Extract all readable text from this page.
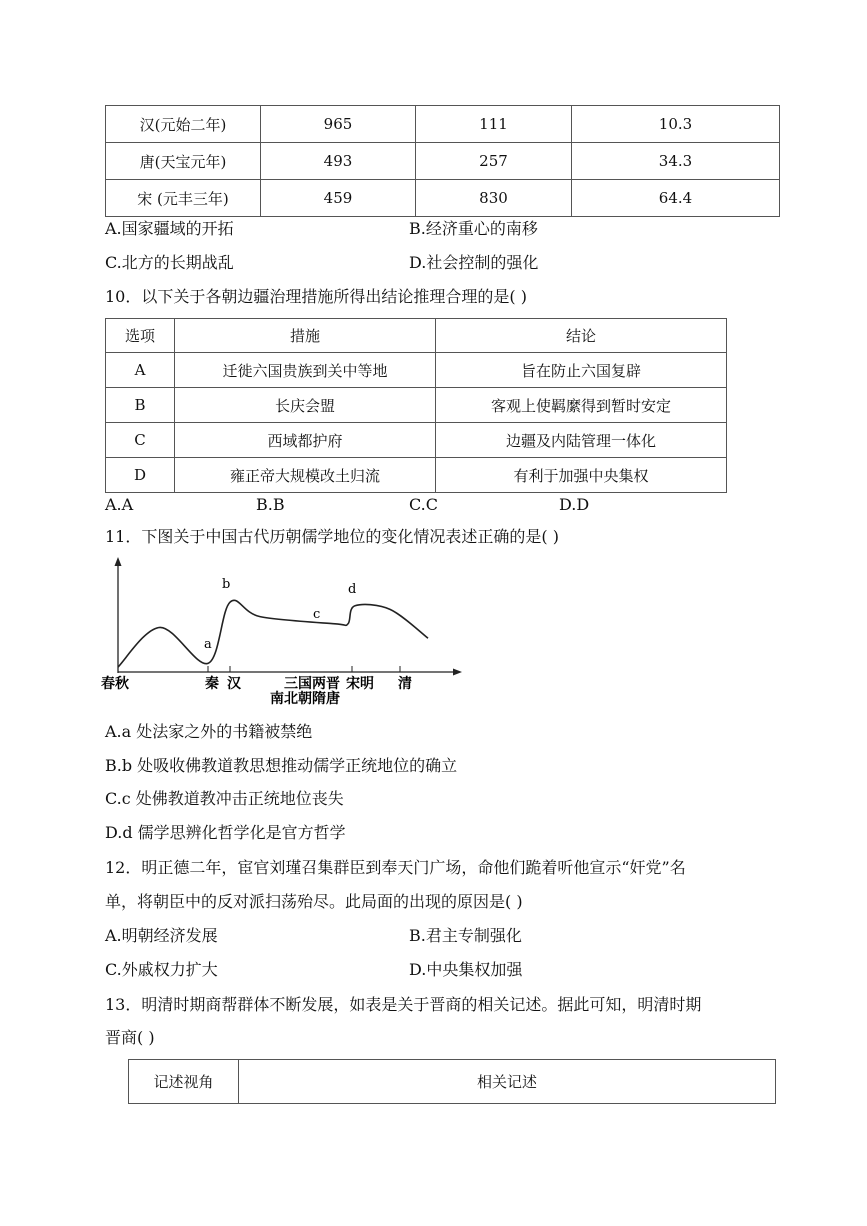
汉(元始二年)	965	111	10.3
唐(天宝元年)	493	257	34.3
宋 (元丰三年)	459	830	64.4
A.国家疆域的开拓	B.经济重心的南移
C.北方的长期战乱	D.社会控制的强化
10．以下关于各朝边疆治理措施所得出结论推理合理的是( )
选项	措施	结论
A	迁徙六国贵族到关中等地	旨在防止六国复辟
B	长庆会盟	客观上使羁縻得到暂时安定
C	西域都护府	边疆及内陆管理一体化
D	雍正帝大规模改土归流	有利于加强中央集权
A.A	B.B	C.C	D.D
11．下图关于中国古代历朝儒学地位的变化情况表述正确的是( )
a
b
c
d
春秋	秦 汉	三国两晋
南北朝隋唐
宋明 清
A.a 处法家之外的书籍被禁绝
B.b 处吸收佛教道教思想推动儒学正统地位的确立
C.c 处佛教道教冲击正统地位丧失
D.d 儒学思辨化哲学化是官方哲学
12．明正德二年，宦官刘瑾召集群臣到奉天门广场，命他们跪着听他宣示“奸党”名
单，将朝臣中的反对派扫荡殆尽。此局面的出现的原因是( )
A.明朝经济发展	B.君主专制强化
C.外戚权力扩大	D.中央集权加强
13．明清时期商帮群体不断发展，如表是关于晋商的相关记述。据此可知，明清时期
晋商( )
记述视角	相关记述
